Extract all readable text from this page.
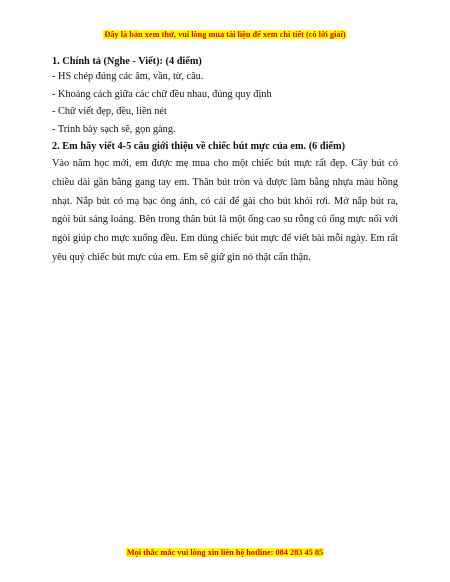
Đây là bản xem thử, vui lòng mua tài liệu để xem chi tiết (có lời giải)
1. Chính tả (Nghe - Viết): (4 điểm)
- HS chép đúng các âm, vần, từ, câu.
- Khoảng cách giữa các chữ đều nhau, đúng quy định
- Chữ viết đẹp, đều, liền nét
- Trình bày sạch sẽ, gọn gàng.
2. Em hãy viết 4-5 câu giới thiệu về chiếc bút mực của em. (6 điểm)

Vào năm học mới, em được mẹ mua cho một chiếc bút mực rất đẹp. Cây bút có chiều dài gần bằng gang tay em. Thân bút tròn và được làm bằng nhựa màu hồng nhạt. Nắp bút có mạ bạc óng ánh, có cái để gài cho bút khỏi rơi. Mở nắp bút ra, ngòi bút sáng loáng. Bên trong thân bút là một ống cao su rỗng có ống mực nối với ngòi giúp cho mực xuống đều. Em dùng chiếc bút mực để viết bài mỗi ngày. Em rất yêu quý chiếc bút mực của em. Em sẽ giữ gìn nó thật cẩn thận.

Mọi thắc mắc vui lòng xin liên hệ hotline: 084 283 45 85
